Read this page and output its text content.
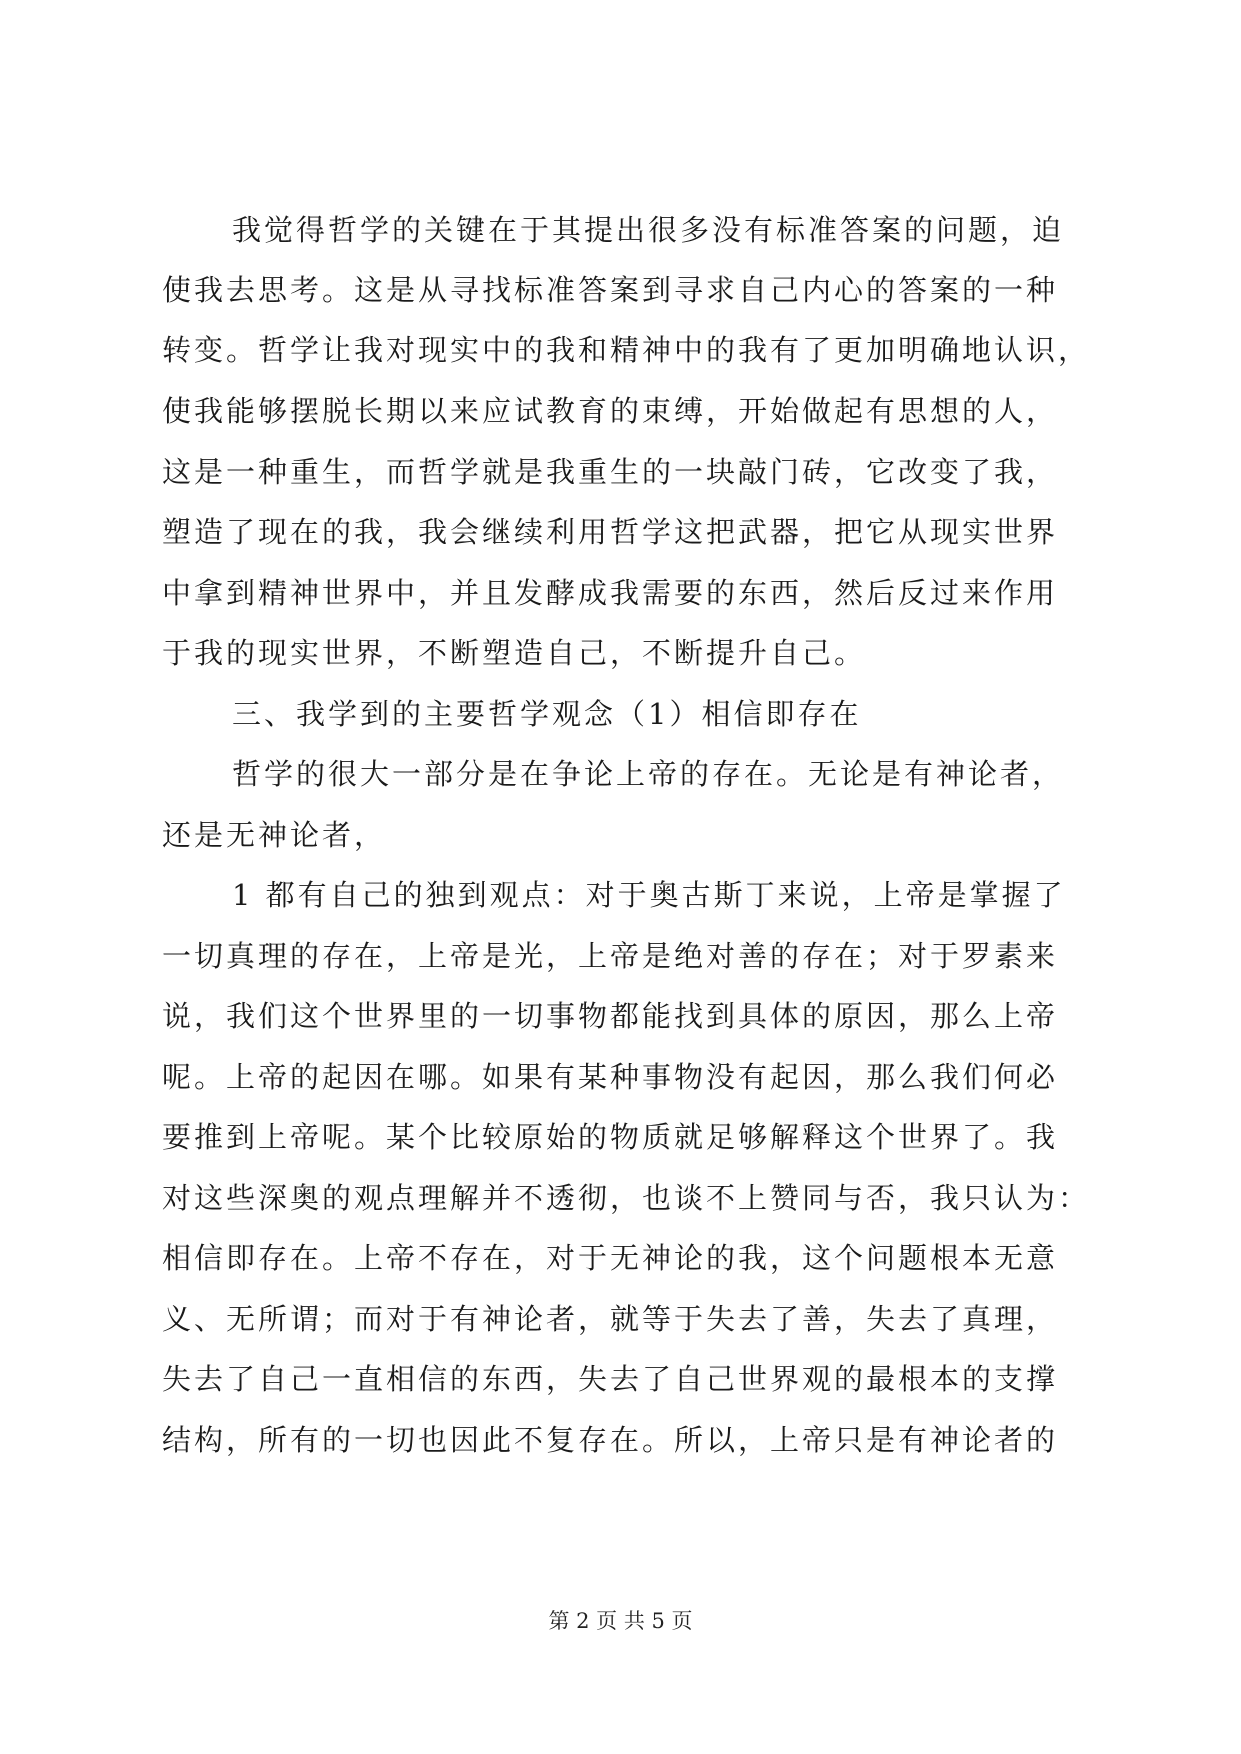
我觉得哲学的关键在于其提出很多没有标准答案的问题，迫
使我去思考。这是从寻找标准答案到寻求自己内心的答案的一种
转变。哲学让我对现实中的我和精神中的我有了更加明确地认识，
使我能够摆脱长期以来应试教育的束缚，开始做起有思想的人，
这是一种重生，而哲学就是我重生的一块敲门砖，它改变了我，
塑造了现在的我，我会继续利用哲学这把武器，把它从现实世界
中拿到精神世界中，并且发酵成我需要的东西，然后反过来作用
于我的现实世界，不断塑造自己，不断提升自己。
三、我学到的主要哲学观念（1）相信即存在
哲学的很大一部分是在争论上帝的存在。无论是有神论者，
还是无神论者，
1 都有自己的独到观点：对于奥古斯丁来说，上帝是掌握了
一切真理的存在，上帝是光，上帝是绝对善的存在；对于罗素来
说，我们这个世界里的一切事物都能找到具体的原因，那么上帝
呢。上帝的起因在哪。如果有某种事物没有起因，那么我们何必
要推到上帝呢。某个比较原始的物质就足够解释这个世界了。我
对这些深奥的观点理解并不透彻，也谈不上赞同与否，我只认为：
相信即存在。上帝不存在，对于无神论的我，这个问题根本无意
义、无所谓；而对于有神论者，就等于失去了善，失去了真理，
失去了自己一直相信的东西，失去了自己世界观的最根本的支撑
结构，所有的一切也因此不复存在。所以，上帝只是有神论者的
第 2 页 共 5 页
